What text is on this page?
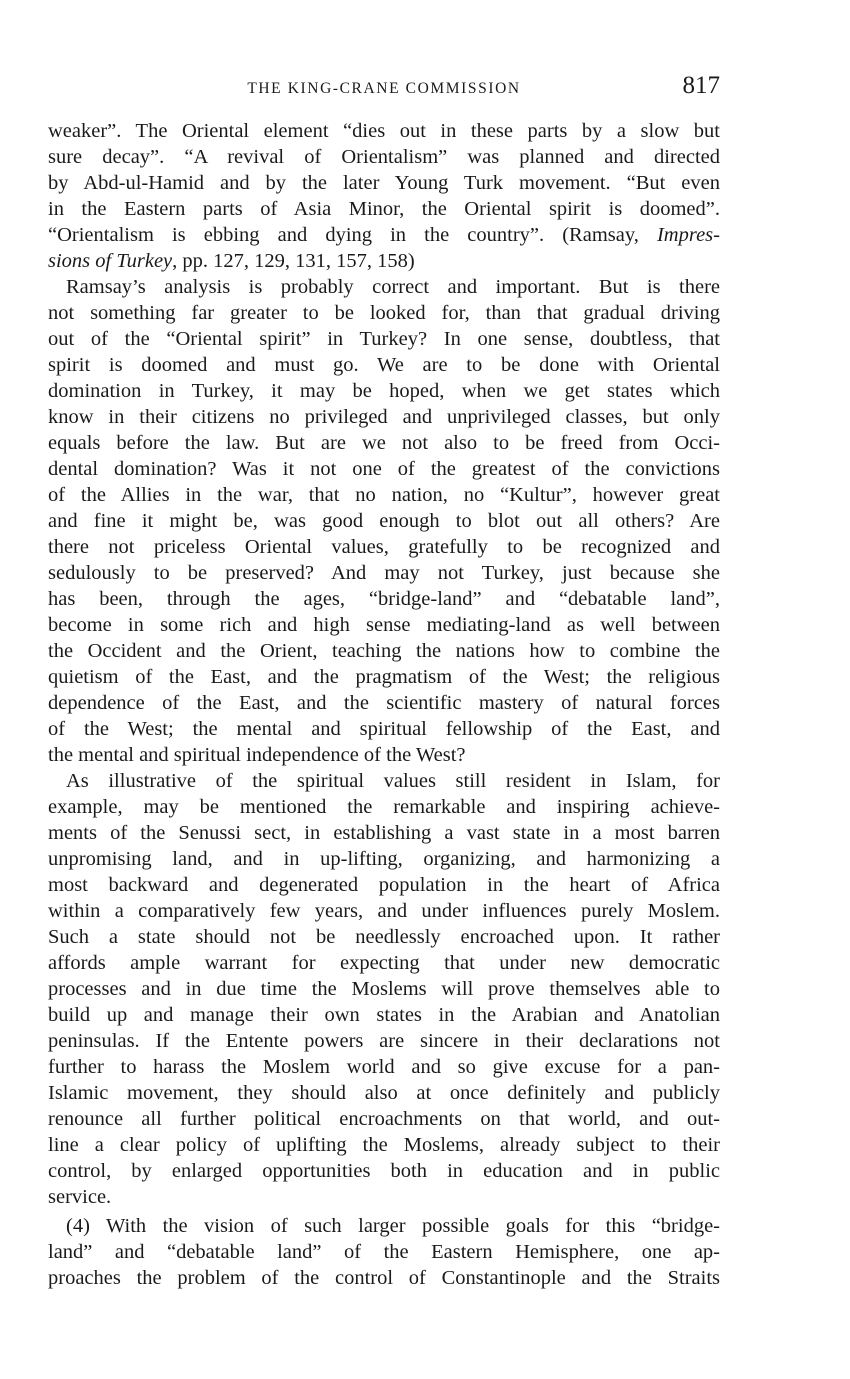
THE KING-CRANE COMMISSION	817
weaker”. The Oriental element “dies out in these parts by a slow but
sure decay”. “A revival of Orientalism” was planned and directed
by Abd-ul-Hamid and by the later Young Turk movement. “But even
in the Eastern parts of Asia Minor, the Oriental spirit is doomed”.
“Orientalism is ebbing and dying in the country”. (Ramsay, Impres-
sions of Turkey, pp. 127, 129, 131, 157, 158)
Ramsay’s analysis is probably correct and important. But is there
not something far greater to be looked for, than that gradual driving
out of the “Oriental spirit” in Turkey? In one sense, doubtless, that
spirit is doomed and must go. We are to be done with Oriental
domination in Turkey, it may be hoped, when we get states which
know in their citizens no privileged and unprivileged classes, but only
equals before the law. But are we not also to be freed from Occi-
dental domination? Was it not one of the greatest of the convictions
of the Allies in the war, that no nation, no “Kultur”, however great
and fine it might be, was good enough to blot out all others? Are
there not priceless Oriental values, gratefully to be recognized and
sedulously to be preserved? And may not Turkey, just because she
has been, through the ages, “bridge-land” and “debatable land”,
become in some rich and high sense mediating-land as well between
the Occident and the Orient, teaching the nations how to combine the
quietism of the East, and the pragmatism of the West; the religious
dependence of the East, and the scientific mastery of natural forces
of the West; the mental and spiritual fellowship of the East, and
the mental and spiritual independence of the West?
As illustrative of the spiritual values still resident in Islam, for
example, may be mentioned the remarkable and inspiring achieve-
ments of the Senussi sect, in establishing a vast state in a most barren
unpromising land, and in up-lifting, organizing, and harmonizing a
most backward and degenerated population in the heart of Africa
within a comparatively few years, and under influences purely Moslem.
Such a state should not be needlessly encroached upon. It rather
affords ample warrant for expecting that under new democratic
processes and in due time the Moslems will prove themselves able to
build up and manage their own states in the Arabian and Anatolian
peninsulas. If the Entente powers are sincere in their declarations not
further to harass the Moslem world and so give excuse for a pan-
Islamic movement, they should also at once definitely and publicly
renounce all further political encroachments on that world, and out-
line a clear policy of uplifting the Moslems, already subject to their
control, by enlarged opportunities both in education and in public
service.
(4) With the vision of such larger possible goals for this “bridge-
land” and “debatable land” of the Eastern Hemisphere, one ap-
proaches the problem of the control of Constantinople and the Straits
